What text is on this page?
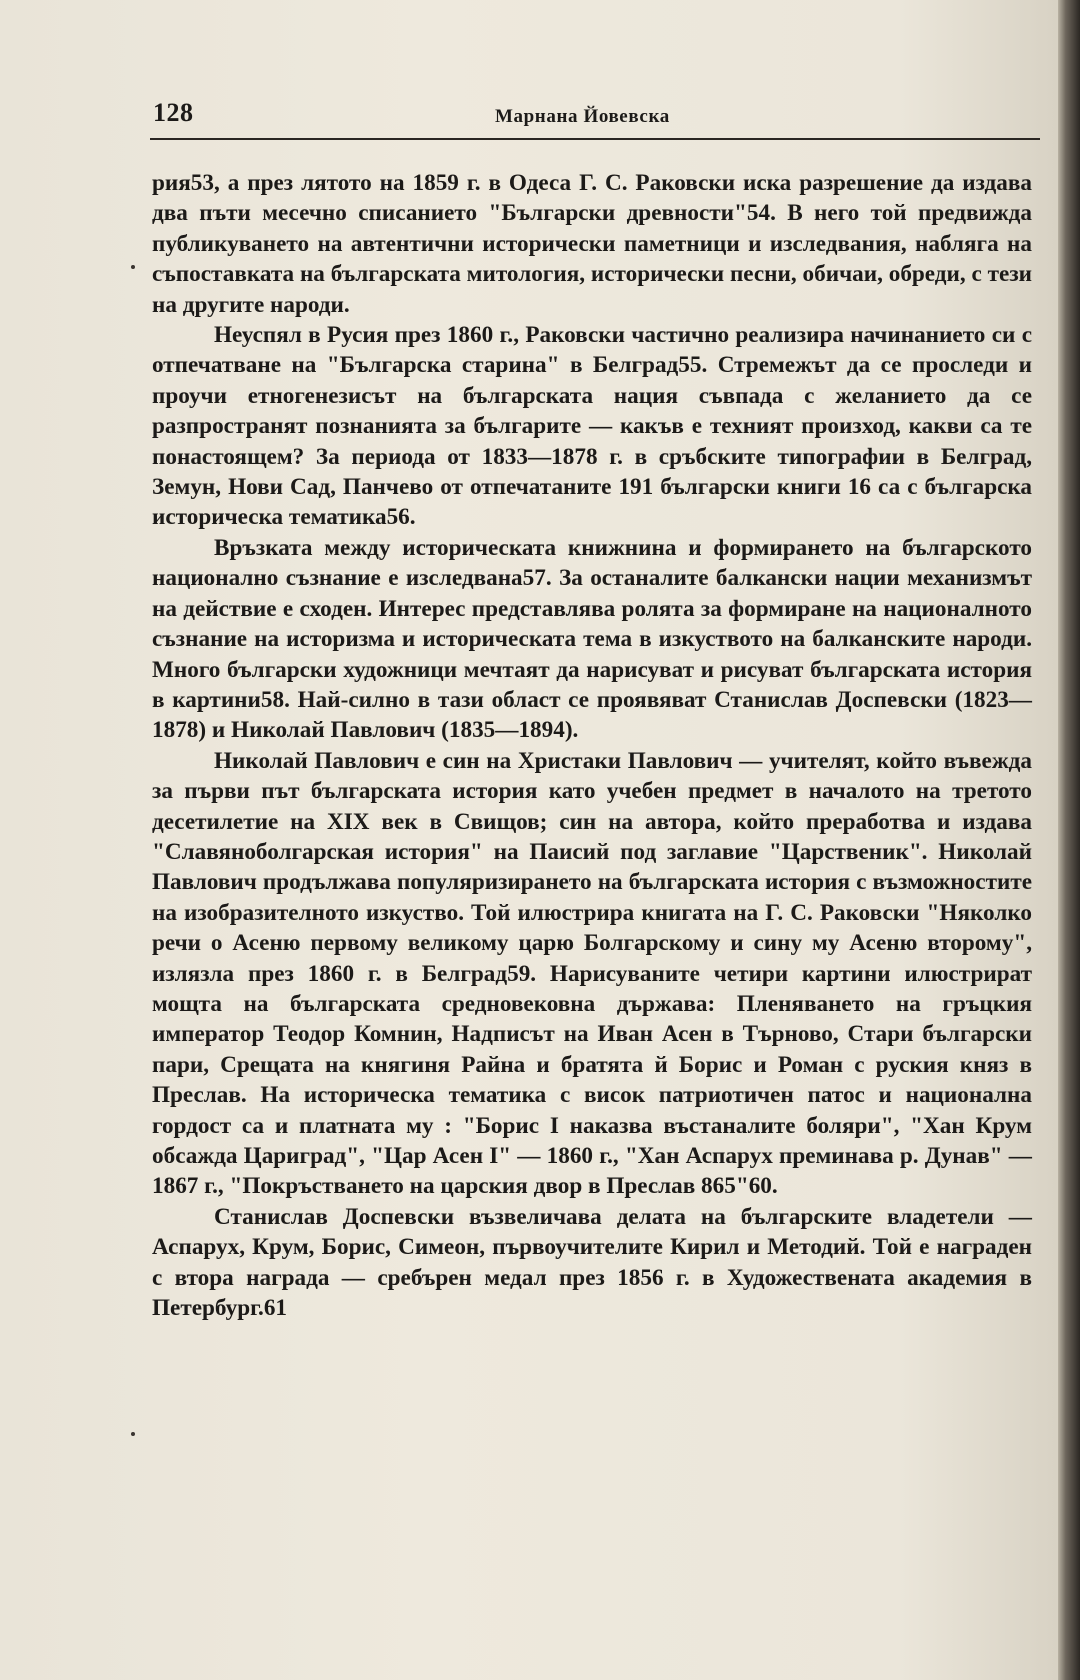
128	Марнана Йовевска

рия53, а през лятото на 1859 г. в Одеса Г. С. Раковски иска разрешение да издава два пъти месечно списанието "Български древности"54. В него той предвижда публикуването на автентични исторически паметници и изследвания, набляга на съпоставката на българската митология, исторически песни, обичаи, обреди, с тези на другите народи.

Неуспял в Русия през 1860 г., Раковски частично реализира начинанието си с отпечатване на "Българска старина" в Белград55. Стремежът да се проследи и проучи етногенезисът на българската нация съвпада с желанието да се разпространят познанията за българите — какъв е техният произход, какви са те понастоящем? За периода от 1833—1878 г. в сръбските типографии в Белград, Земун, Нови Сад, Панчево от отпечатаните 191 български книги 16 са с българска историческа тематика56.

Връзката между историческата книжнина и формирането на българското национално съзнание е изследвана57. За останалите балкански нации механизмът на действие е сходен. Интерес представлява ролята за формиране на националното съзнание на историзма и историческата тема в изкуството на балканските народи. Много български художници мечтаят да нарисуват и рисуват българската история в картини58. Най-силно в тази област се проявяват Станислав Доспевски (1823—1878) и Николай Павлович (1835—1894).

Николай Павлович е син на Христаки Павлович — учителят, който въвежда за първи път българската история като учебен предмет в началото на третото десетилетие на XIX век в Свищов; син на автора, който преработва и издава "Славяноболгарская история" на Паисий под заглавие "Царственик". Николай Павлович продължава популяризирането на българската история с възможностите на изобразителното изкуство. Той илюстрира книгата на Г. С. Раковски "Няколко речи о Асеню первому великому царю Болгарскому и сину му Асеню второму", излязла през 1860 г. в Белград59. Нарисуваните четири картини илюстрират мощта на българската средновековна държава: Пленяването на гръцкия император Теодор Комнин, Надписът на Иван Асен в Търново, Стари български пари, Срещата на княгиня Райна и братята й Борис и Роман с руския княз в Преслав. На историческа тематика с висок патриотичен патос и национална гордост са и платната му : "Борис I наказва въстаналите боляри", "Хан Крум обсажда Цариград", "Цар Асен I" — 1860 г., "Хан Аспарух преминава р. Дунав" — 1867 г., "Покръстването на царския двор в Преслав 865"60.

Станислав Доспевски възвеличава делата на българските владетели — Аспарух, Крум, Борис, Симеон, първоучителите Кирил и Методий. Той е награден с втора награда — сребърен медал през 1856 г. в Художествената академия в Петербург.61
